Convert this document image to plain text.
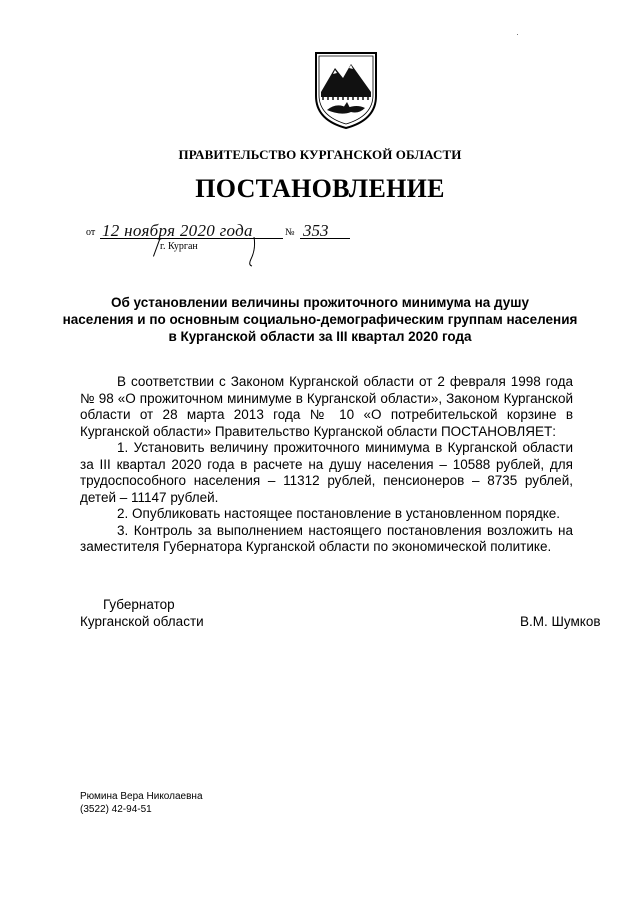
ПРАВИТЕЛЬСТВО КУРГАНСКОЙ ОБЛАСТИ
ПОСТАНОВЛЕНИЕ
от 12 ноября 2020 года	№ 353
г. Курган
Об установлении величины прожиточного минимума на душу
населения и по основным социально-демографическим группам населения
в Курганской области за III квартал 2020 года

В соответствии с Законом Курганской области от 2 февраля 1998 года № 98 «О прожиточном минимуме в Курганской области», Законом Курганской области от 28 марта 2013 года № 10 «О потребительской корзине в Курганской области» Правительство Курганской области ПОСТАНОВЛЯЕТ:

1. Установить величину прожиточного минимума в Курганской области за III квартал 2020 года в расчете на душу населения – 10588 рублей, для трудоспособного населения – 11312 рублей, пенсионеров – 8735 рублей, детей – 11147 рублей.

2. Опубликовать настоящее постановление в установленном порядке.

3. Контроль за выполнением настоящего постановления возложить на заместителя Губернатора Курганской области по экономической политике.

Губернатор
Курганской области	В.М. Шумков
Рюмина Вера Николаевна
(3522) 42-94-51
